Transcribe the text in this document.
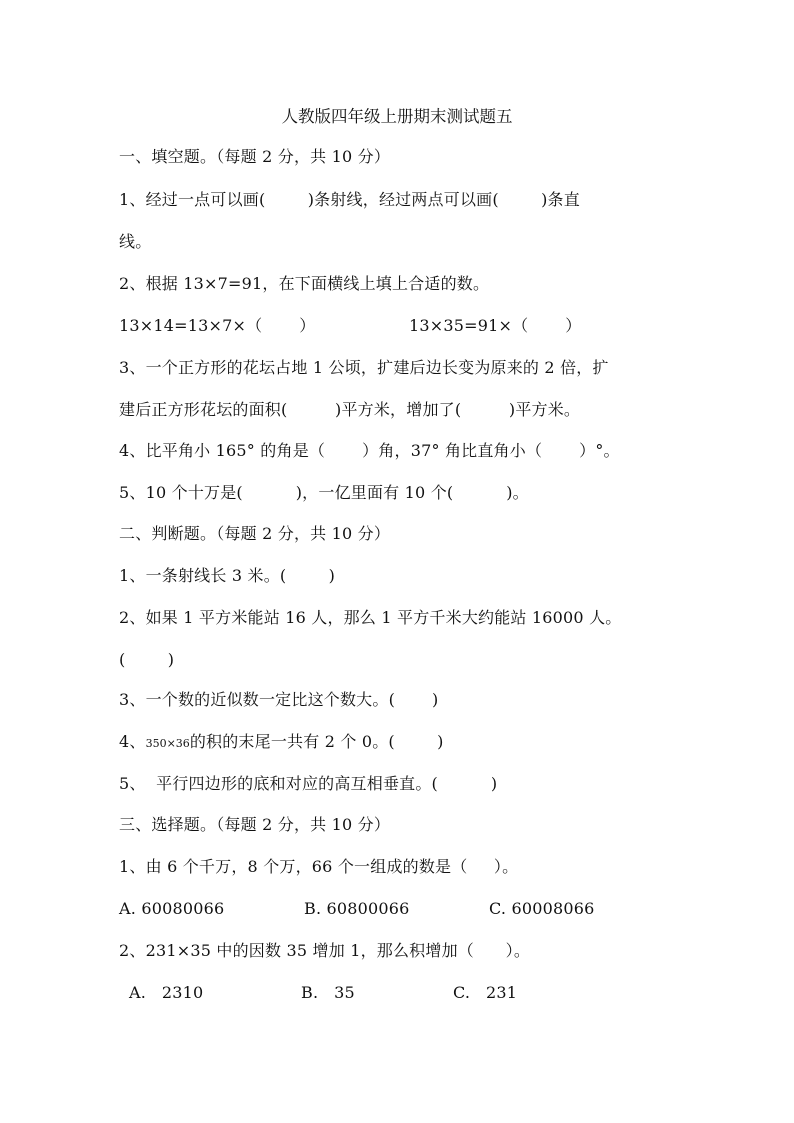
人教版四年级上册期末测试题五
一、填空题。（每题 2 分，共 10 分）
1、经过一点可以画(        )条射线，经过两点可以画(        )条直
线。
2、根据 13×7=91，在下面横线上填上合适的数。
13×14=13×7×（       ）	13×35=91×（       ）
3、一个正方形的花坛占地 1 公顷，扩建后边长变为原来的 2 倍，扩
建后正方形花坛的面积(         )平方米，增加了(         )平方米。
4、比平角小 165° 的角是（       ）角，37° 角比直角小（       ）°。
5、10 个十万是(          )，一亿里面有 10 个(          )。
二、判断题。（每题 2 分，共 10 分）
1、一条射线长 3 米。(        )
2、如果 1 平方米能站 16 人，那么 1 平方千米大约能站 16000 人。
(        )
3、一个数的近似数一定比这个数大。(       )
4、350×36的积的末尾一共有 2 个 0。(        )
5、  平行四边形的底和对应的高互相垂直。(          )
三、选择题。（每题 2 分，共 10 分）
1、由 6 个千万，8 个万，66 个一组成的数是（     ）。
A. 60080066	B. 60800066	C. 60008066
2、231×35 中的因数 35 增加 1，那么积增加（      ）。
A.   2310	B.   35	C.   231
